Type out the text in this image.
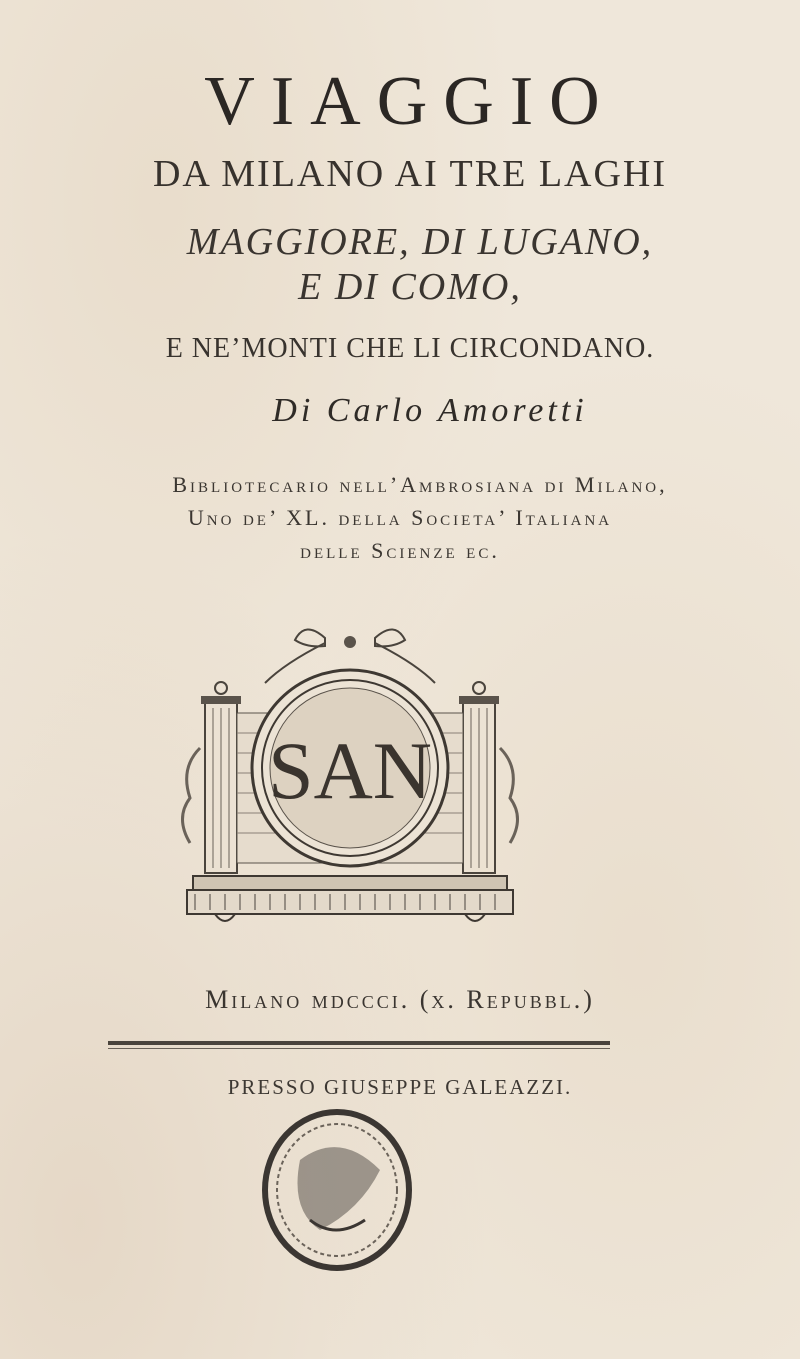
VIAGGIO
DA MILANO AI TRE LAGHI
MAGGIORE, DI LUGANO,
E DI COMO,
E NE’MONTI CHE LI CIRCONDANO.
Di Carlo Amoretti
Bibliotecario nell’Ambrosiana di Milano,
Uno de’ XL. della Societa’ Italiana
delle Scienze ec.
SAN
Milano mdccci. (x. Repubbl.)
PRESSO GIUSEPPE GALEAZZI.
